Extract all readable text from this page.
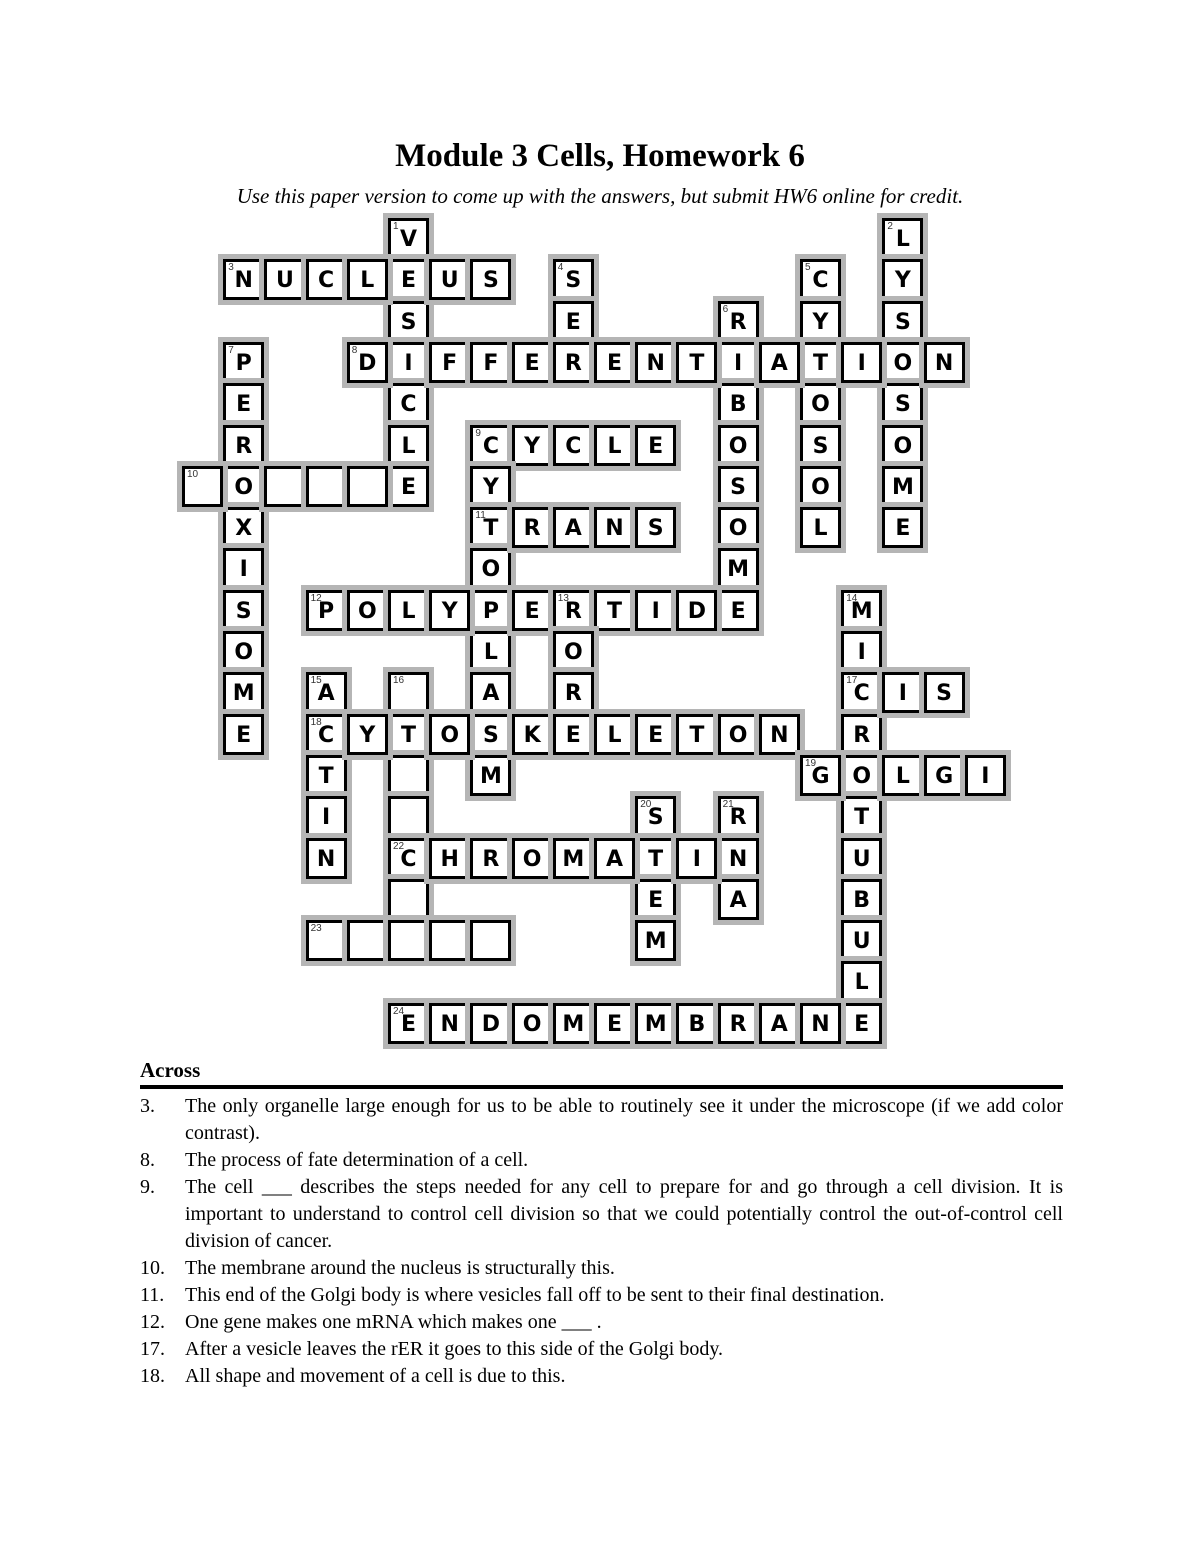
Module 3 Cells, Homework 6
Use this paper version to come up with the answers, but submit HW6 online for credit.
1
V
E
S
I
C
L
E
2
L
Y
S
O
S
O
M
E
3
N	U	C	L	U	S
4
S
E
5
C
Y
T
O
S
O
L
6
R
I
B
O
S
O
M
E
7
P
E
R
O
X
I
S
O
M
E
8
D	F	F	E	R	E	N	T	A	I	N
9
C	Y	C	L	E
Y
11
T
O
P
L
A
S
M
10
R	A	N	S
12
P	O	L	Y	E
13
R	T	I	D
O
R
14
M
I
17
C
R
O
T
U
B
U
L
E
15
A
18
C
T
I
N
16
T
22
C
I	S
Y	O	K	E	L	E	T	O	N
19
G	L	G	I
20
S
T
E
M
21
R
N
A
H	R	O M A	I
23
24
E	N	D	O M	E	M B	R	A	N
Across
3. The only organelle large enough for us to be able to routinely see it under the microscope (if we add color contrast).
8. The process of fate determination of a cell.
9. The cell ___ describes the steps needed for any cell to prepare for and go through a cell division. It is important to understand to control cell division so that we could potentially control the out-of-control cell division of cancer.
10. The membrane around the nucleus is structurally this.
11. This end of the Golgi body is where vesicles fall off to be sent to their final destination.
12. One gene makes one mRNA which makes one ___ .
17. After a vesicle leaves the rER it goes to this side of the Golgi body.
18. All shape and movement of a cell is due to this.
